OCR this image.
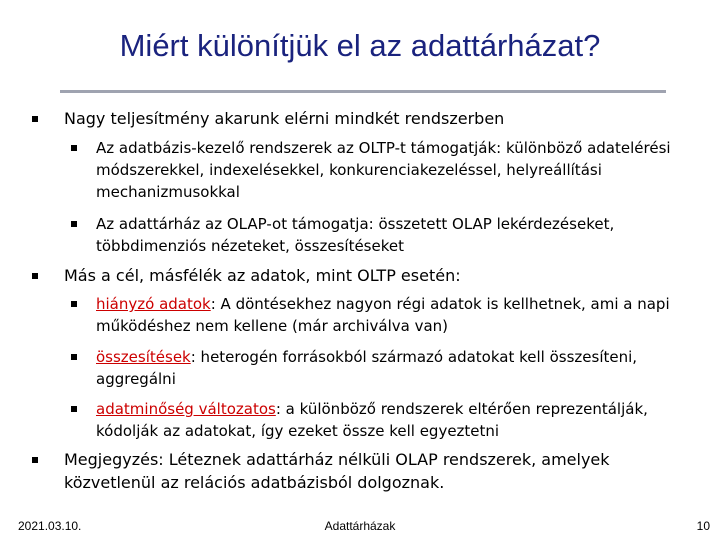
Miért különítjük el az adattárházat?
Nagy teljesítmény akarunk elérni mindkét rendszerben
Az adatbázis-kezelő rendszerek az OLTP-t támogatják: különböző adatelérési módszerekkel, indexelésekkel, konkurenciakezeléssel, helyreállítási mechanizmusokkal
Az adattárház az OLAP-ot támogatja: összetett OLAP lekérdezéseket, többdimenziós nézeteket, összesítéseket
Más a cél, másfélék az adatok, mint OLTP esetén:
hiányzó adatok: A döntésekhez nagyon régi adatok is kellhetnek, ami a napi működéshez nem kellene (már archiválva van)
összesítések: heterogén forrásokból származó adatokat kell összesíteni, aggregálni
adatminőség változatos: a különböző rendszerek eltérően reprezentálják, kódolják az adatokat, így ezeket össze kell egyeztetni
Megjegyzés: Léteznek adattárház nélküli OLAP rendszerek, amelyek közvetlenül az relációs adatbázisból dolgoznak.
2021.03.10.	Adattárházak	10
